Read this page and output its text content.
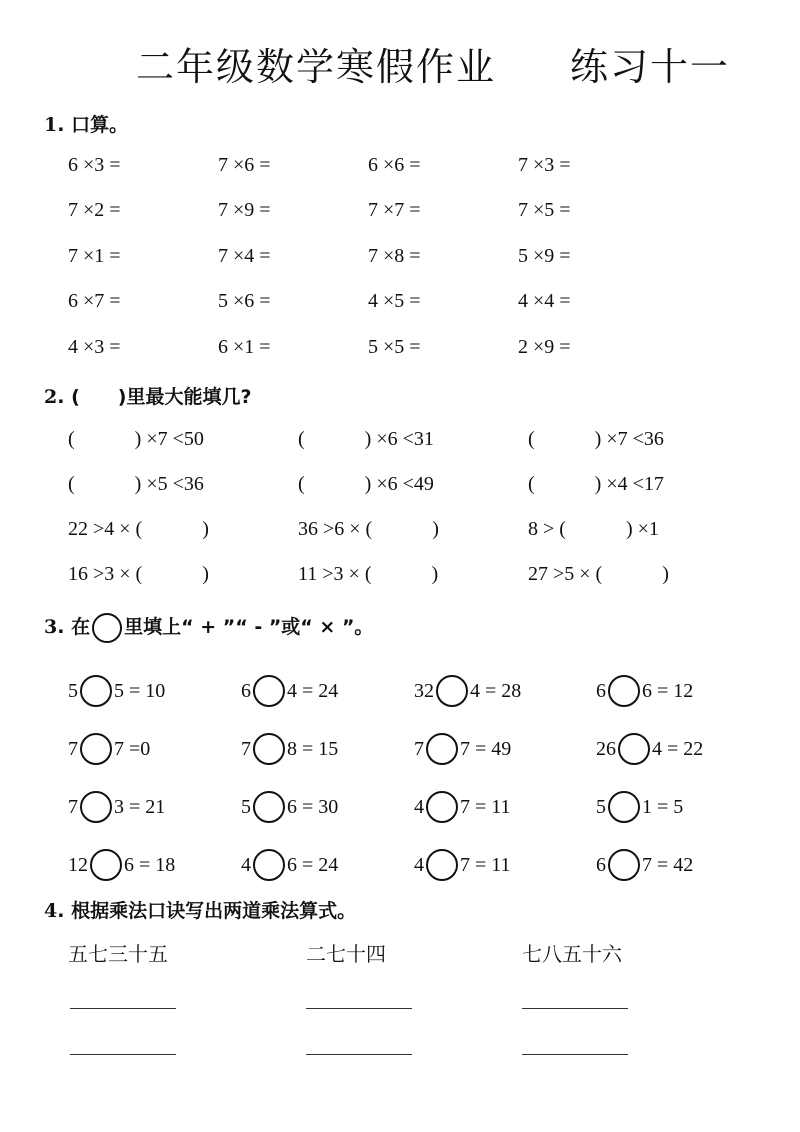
二年级数学寒假作业 练习十一
1. 口算。
6 ×3 =	7 ×6 =	6 ×6 =	7 ×3 =
7 ×2 =	7 ×9 =	7 ×7 =	7 ×5 =
7 ×1 =	7 ×4 =	7 ×8 =	5 ×9 =
6 ×7 =	5 ×6 =	4 ×5 =	4 ×4 =
4 ×3 =	6 ×1 =	5 ×5 =	2 ×9 =
2. (　　)里最大能填几?
(　　　) ×7 <50	(　　　) ×6 <31	(　　　) ×7 <36
(　　　) ×5 <36	(　　　) ×6 <49	(　　　) ×4 <17
22 >4 × (　　　)	36 >6 × (　　　)	8 > (　　　) ×1
16 >3 × (　　　)	11 >3 × (　　　)	27 >5 × (　　　)
3. 在 里填上“ + ”“ - ”或“ × ”。
5 5 = 10	6 4 = 24	32 4 = 28	6 6 = 12
7 7 =0	7 8 = 15	7 7 = 49	26 4 = 22
7 3 = 21	5 6 = 30	4 7 = 11	5 1 = 5
12 6 = 18	4 6 = 24	4 7 = 11	6 7 = 42
4. 根据乘法口诀写出两道乘法算式。
五七三十五	二七十四	七八五十六
